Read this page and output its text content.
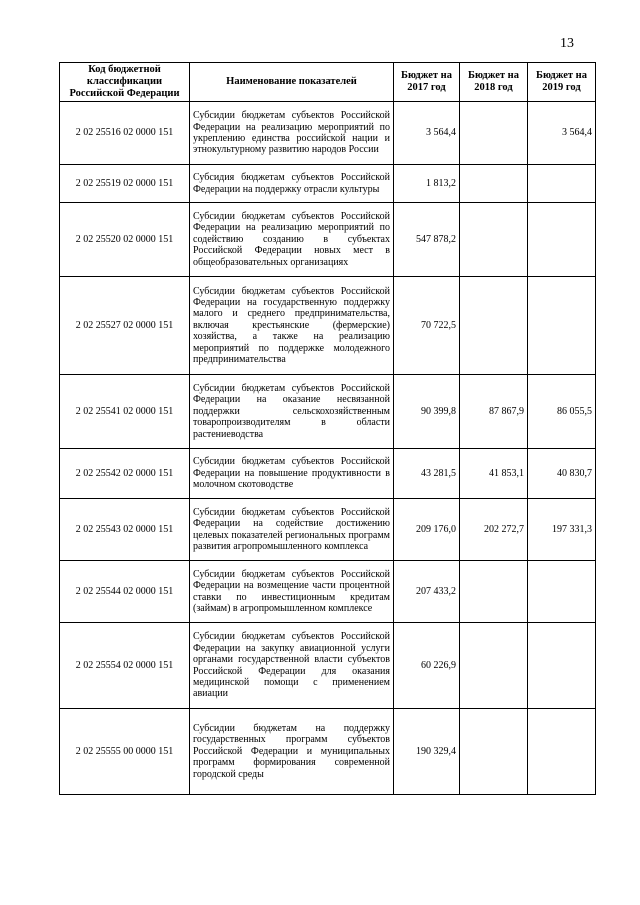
13
Код бюджетной классификации Российской Федерации	Наименование показателей	Бюджет на 2017 год	Бюджет на 2018 год	Бюджет на 2019 год
2 02 25516 02 0000 151	Субсидии бюджетам субъектов Российской Федерации на реализацию мероприятий по укреплению единства российской нации и этнокультурному развитию народов России	3 564,4		3 564,4
2 02 25519 02 0000 151	Субсидия бюджетам субъектов Российской Федерации на поддержку отрасли культуры	1 813,2		
2 02 25520 02 0000 151	Субсидии бюджетам субъектов Российской Федерации на реализацию мероприятий по содействию созданию в субъектах Российской Федерации новых мест в общеобразовательных организациях	547 878,2		
2 02 25527 02 0000 151	Субсидии бюджетам субъектов Российской Федерации на государственную поддержку малого и среднего предпринимательства, включая крестьянские (фермерские) хозяйства, а также на реализацию мероприятий по поддержке молодежного предпринимательства	70 722,5		
2 02 25541 02 0000 151	Субсидии бюджетам субъектов Российской Федерации на оказание несвязанной поддержки сельскохозяйственным товаропроизводителям в области растениеводства	90 399,8	87 867,9	86 055,5
2 02 25542 02 0000 151	Субсидии бюджетам субъектов Российской Федерации на повышение продуктивности в молочном скотоводстве	43 281,5	41 853,1	40 830,7
2 02 25543 02 0000 151	Субсидии бюджетам субъектов Российской Федерации на содействие достижению целевых показателей региональных программ развития агропромышленного комплекса	209 176,0	202 272,7	197 331,3
2 02 25544 02 0000 151	Субсидии бюджетам субъектов Российской Федерации на возмещение части процентной ставки по инвестиционным кредитам (займам) в агропромышленном комплексе	207 433,2		
2 02 25554 02 0000 151	Субсидии бюджетам субъектов Российской Федерации на закупку авиационной услуги органами государственной власти субъектов Российской Федерации для оказания медицинской помощи с применением авиации	60 226,9		
2 02 25555 00 0000 151	Субсидии бюджетам на поддержку государственных программ субъектов Российской Федерации и муниципальных программ формирования современной городской среды	190 329,4		
